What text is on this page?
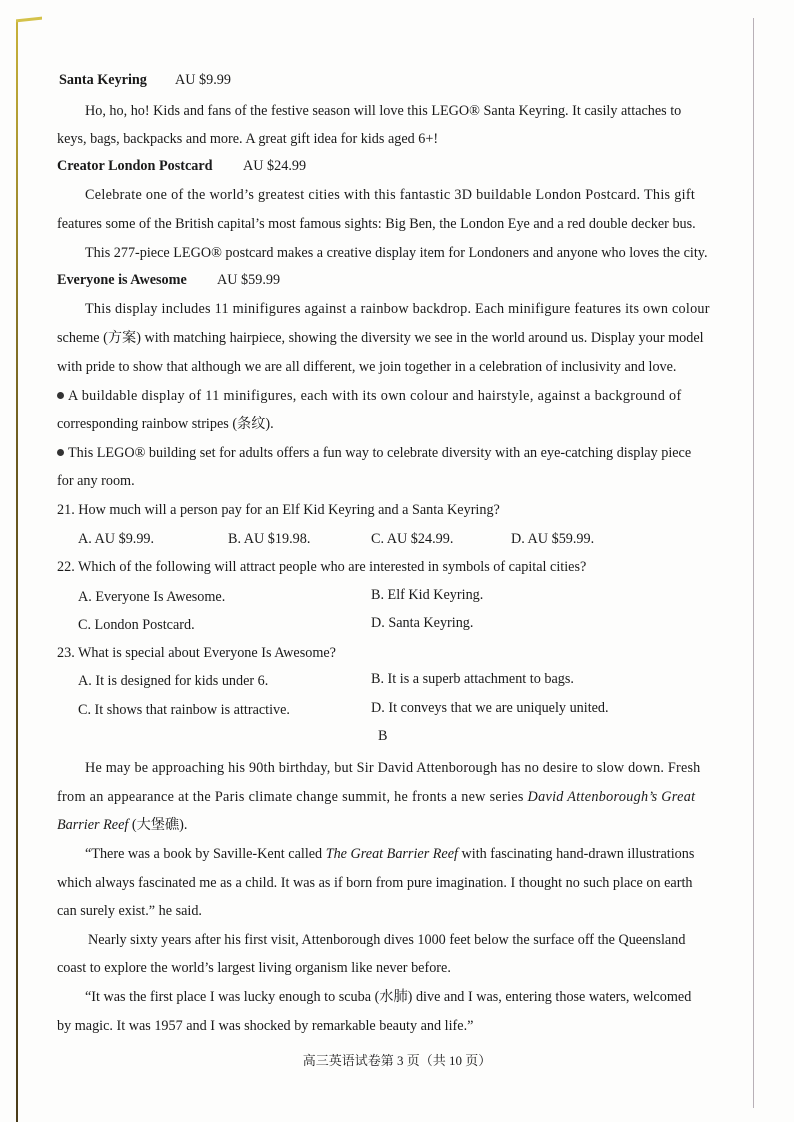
Santa Keyring AU $9.99
Ho, ho, ho! Kids and fans of the festive season will love this LEGO® Santa Keyring. It casily attaches to
keys, bags, backpacks and more. A great gift idea for kids aged 6+!
Creator London Postcard AU $24.99
Celebrate one of the world’s greatest cities with this fantastic 3D buildable London Postcard. This gift
features some of the British capital’s most famous sights: Big Ben, the London Eye and a red double decker bus.
This 277-piece LEGO® postcard makes a creative display item for Londoners and anyone who loves the city.
Everyone is Awesome AU $59.99
This display includes 11 minifigures against a rainbow backdrop. Each minifigure features its own colour
scheme (方案) with matching hairpiece, showing the diversity we see in the world around us. Display your model
with pride to show that although we are all different, we join together in a celebration of inclusivity and love.
A buildable display of 11 minifigures, each with its own colour and hairstyle, against a background of
corresponding rainbow stripes (条纹).
This LEGO® building set for adults offers a fun way to celebrate diversity with an eye-catching display piece
for any room.
21. How much will a person pay for an Elf Kid Keyring and a Santa Keyring?
A. AU $9.99.	B. AU $19.98.	C. AU $24.99.	D. AU $59.99.
22. Which of the following will attract people who are interested in symbols of capital cities?
A. Everyone Is Awesome.	B. Elf Kid Keyring.
C. London Postcard.	D. Santa Keyring.
23. What is special about Everyone Is Awesome?
A. It is designed for kids under 6.	B. It is a superb attachment to bags.
C. It shows that rainbow is attractive.	D. It conveys that we are uniquely united.
B
He may be approaching his 90th birthday, but Sir David Attenborough has no desire to slow down. Fresh
from an appearance at the Paris climate change summit, he fronts a new series David Attenborough’s Great
Barrier Reef (大堡礁).
“There was a book by Saville-Kent called The Great Barrier Reef with fascinating hand-drawn illustrations
which always fascinated me as a child. It was as if born from pure imagination. I thought no such place on earth
can surely exist.” he said.
Nearly sixty years after his first visit, Attenborough dives 1000 feet below the surface off the Queensland
coast to explore the world’s largest living organism like never before.
“It was the first place I was lucky enough to scuba (水肺) dive and I was, entering those waters, welcomed
by magic. It was 1957 and I was shocked by remarkable beauty and life.”
高三英语试卷第 3 页（共 10 页）
